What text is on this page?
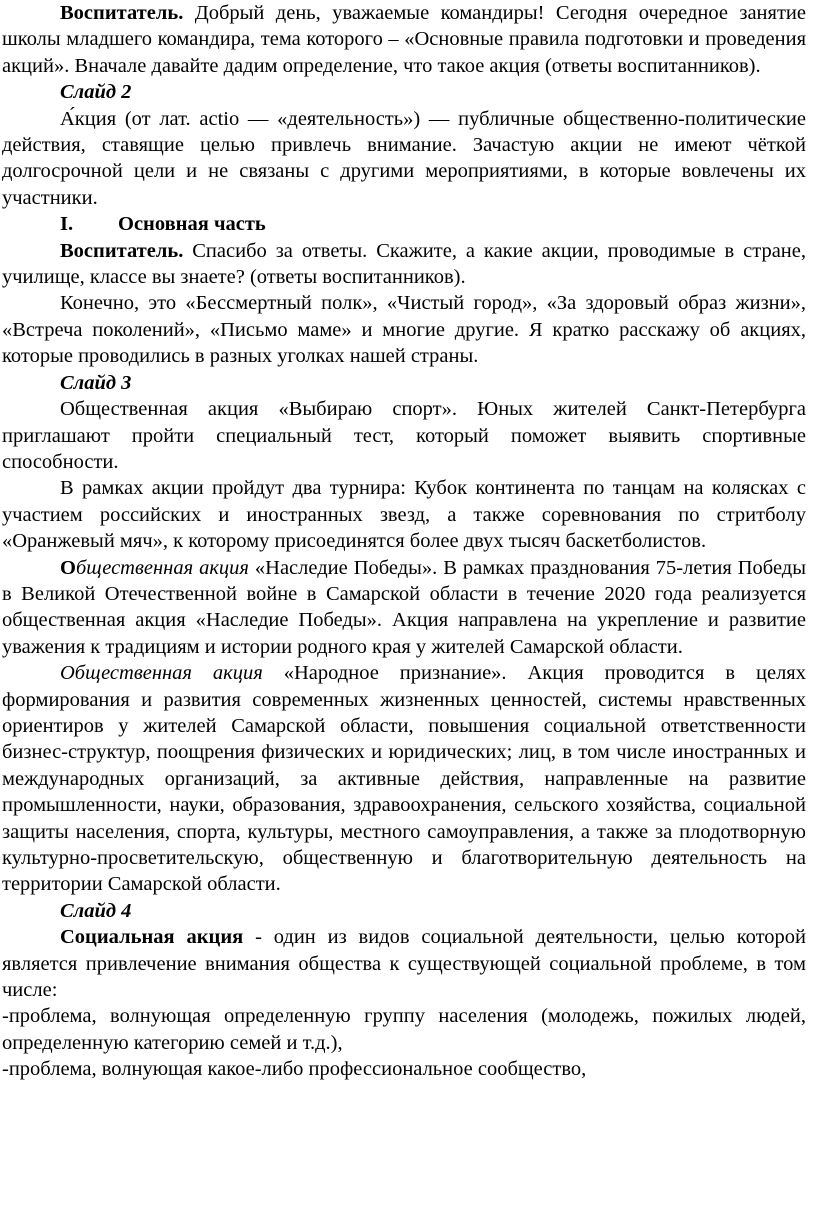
Воспитатель. Добрый день, уважаемые командиры! Сегодня очередное занятие школы младшего командира, тема которого – «Основные правила подготовки и проведения акций». Вначале давайте дадим определение, что такое акция (ответы воспитанников).

Слайд 2

А́кция (от лат. actio — «деятельность») — публичные общественно-политические действия, ставящие целью привлечь внимание. Зачастую акции не имеют чёткой долгосрочной цели и не связаны с другими мероприятиями, в которые вовлечены их участники.

I. Основная часть

Воспитатель. Спасибо за ответы. Скажите, а какие акции, проводимые в стране, училище, классе вы знаете? (ответы воспитанников).

Конечно, это «Бессмертный полк», «Чистый город», «За здоровый образ жизни», «Встреча поколений», «Письмо маме» и многие другие. Я кратко расскажу об акциях, которые проводились в разных уголках нашей страны.

Слайд 3

Общественная акция «Выбираю спорт». Юных жителей Санкт-Петербурга приглашают пройти специальный тест, который поможет выявить спортивные способности.

В рамках акции пройдут два турнира: Кубок континента по танцам на колясках с участием российских и иностранных звезд, а также соревнования по стритболу «Оранжевый мяч», к которому присоединятся более двух тысяч баскетболистов.

Общественная акция «Наследие Победы». В рамках празднования 75-летия Победы в Великой Отечественной войне в Самарской области в течение 2020 года реализуется общественная акция «Наследие Победы». Акция направлена на укрепление и развитие уважения к традициям и истории родного края у жителей Самарской области.

Общественная акция «Народное признание». Акция проводится в целях формирования и развития современных жизненных ценностей, системы нравственных ориентиров у жителей Самарской области, повышения социальной ответственности бизнес-структур, поощрения физических и юридических; лиц, в том числе иностранных и международных организаций, за активные действия, направленные на развитие промышленности, науки, образования, здравоохранения, сельского хозяйства, социальной защиты населения, спорта, культуры, местного самоуправления, а также за плодотворную культурно-просветительскую, общественную и благотворительную деятельность на территории Самарской области.

Слайд 4

Социальная акция - один из видов социальной деятельности, целью которой является привлечение внимания общества к существующей социальной проблеме, в том числе:

-проблема, волнующая определенную группу населения (молодежь, пожилых людей, определенную категорию семей и т.д.),

-проблема, волнующая какое-либо профессиональное сообщество,
